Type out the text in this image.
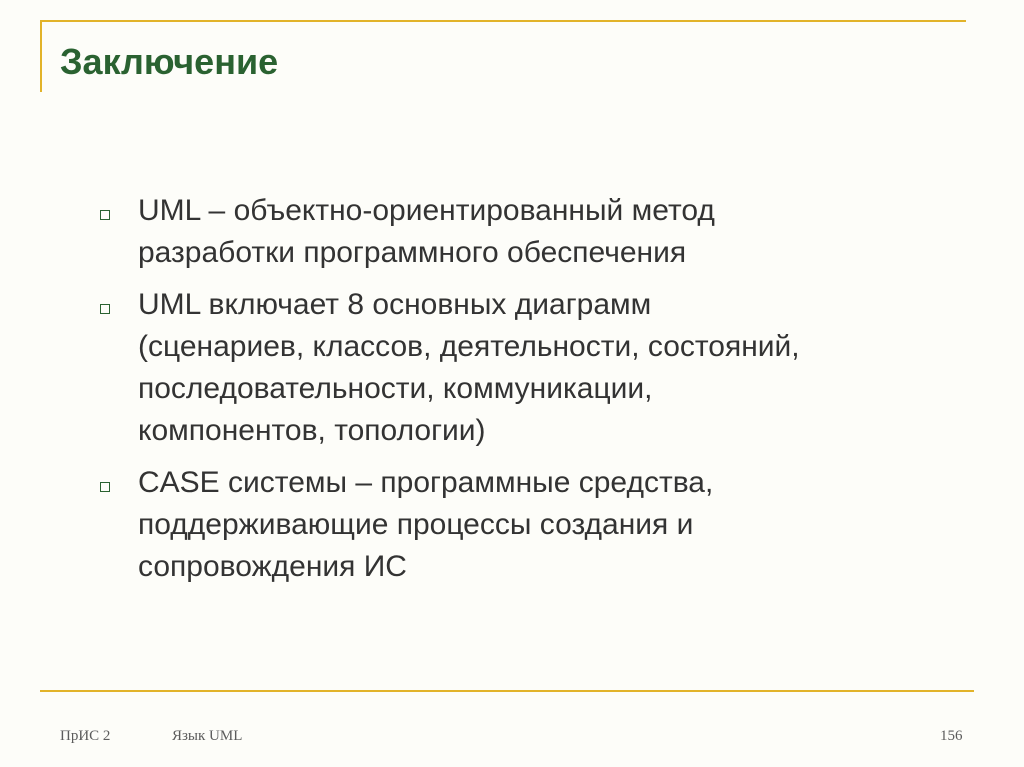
Заключение
UML – объектно-ориентированный метод
разработки программного обеспечения
UML включает 8 основных диаграмм
(сценариев, классов, деятельности, состояний,
последовательности, коммуникации,
компонентов, топологии)
CASE системы – программные средства,
поддерживающие процессы создания и
сопровождения ИС
ПрИС 2	Язык UML	156
